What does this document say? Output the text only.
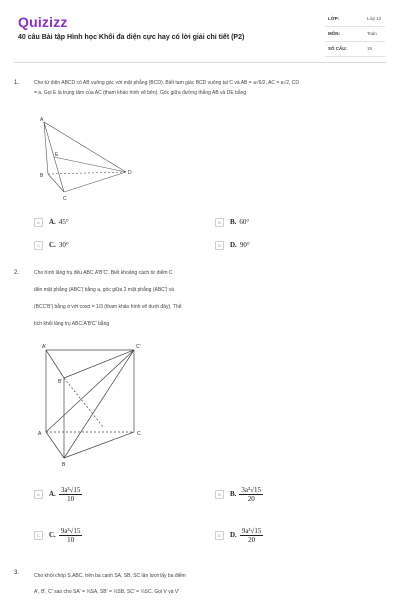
Quizizz
40 câu Bài tập Hình học Khối đa diện cực hay có lời giải chi tiết (P2)
LỚP:	Lớp 12
MÔN:	Toán
SỐ CÂU:	19
1.	Cho tứ diện ABCD có AB vuông góc với mặt phẳng (BCD). Biết tam giác BCD vuông tại C và AB = a√6/2, AC = a√2, CD
= a. Gọi E là trung tâm của AC (tham khảo hình vẽ bên). Góc giữa đường thẳng AB và DE bằng
A
E
B
C
D
A A. 45°	B B. 60°
C C. 30°	D D. 90°
2.	Cho hình lăng trụ đều ABC.A'B'C'. Biết khoảng cách từ điểm C
đến mặt phẳng (ABC') bằng a, góc giữa 2 mặt phẳng (ABC') và
(BCC'B') bằng α với cosα = 1/3 (tham khảo hình vẽ dưới đây). Thể
tích khối lăng trụ ABC.A'B'C' bằng
A'	C'
B'
A	C
B
A A. $\frac{\text{3a³√15}}{10}$	B B. $\frac{\text{3a³√15}}{20}$
C C. $\frac{\text{9a³√15}}{10}$	D D. $\frac{\text{9a³√15}}{20}$
3.	Cho khối chóp S.ABC, trên ba cạnh SA, SB, SC lần lượt lấy ba điểm
A', B', C' sao cho SA' = ⅓SA, SB' = ⅓SB, SC' = ⅓SC. Gọi V và V'
